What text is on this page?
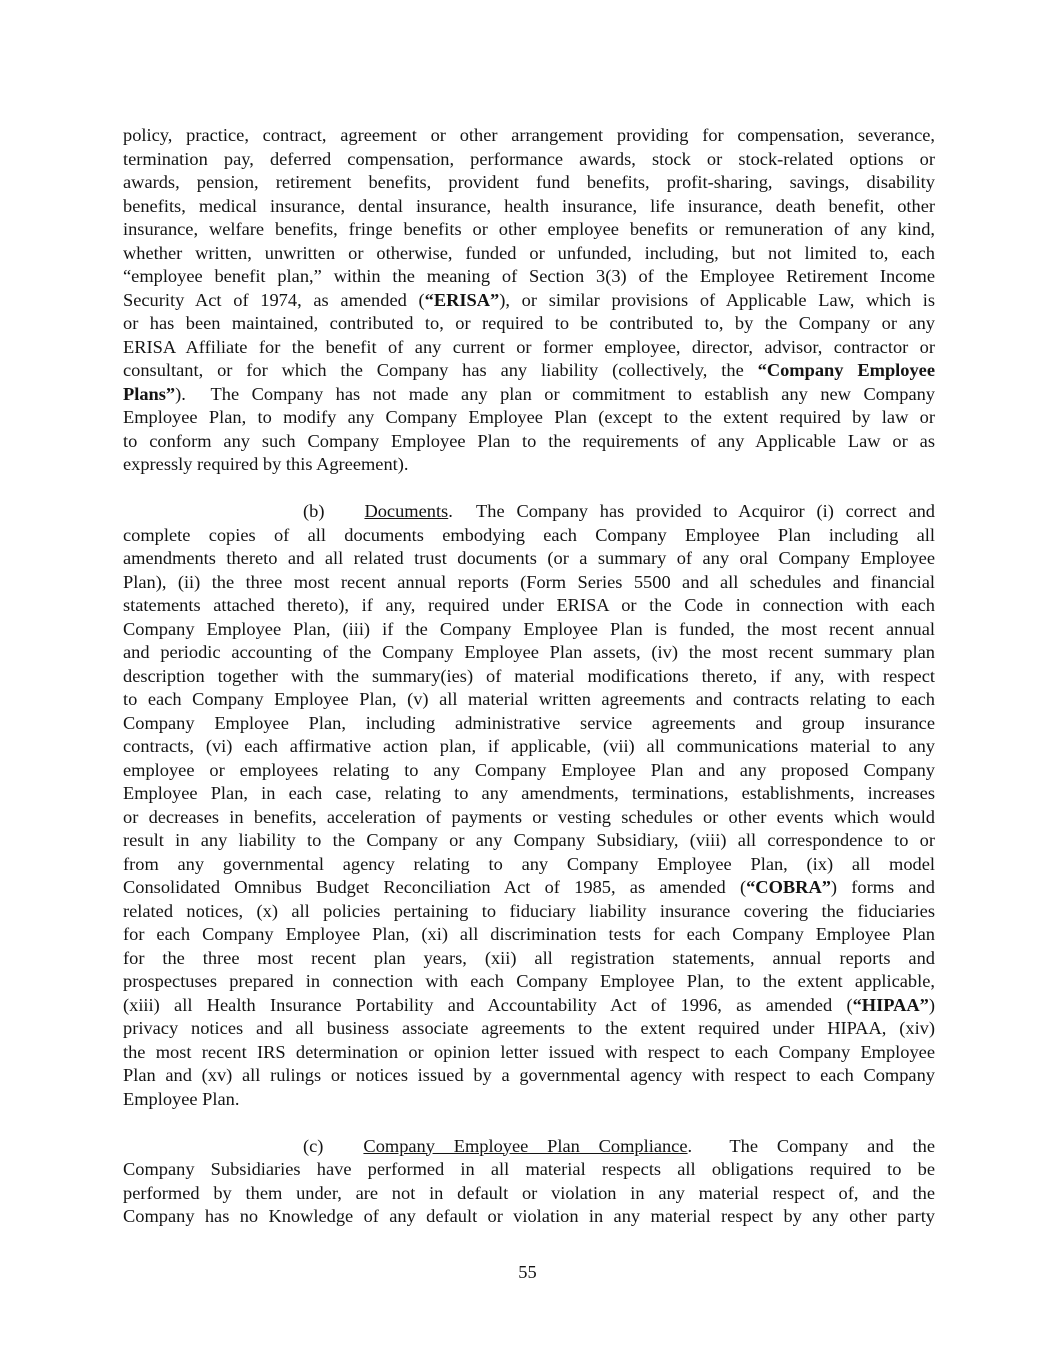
policy, practice, contract, agreement or other arrangement providing for compensation, severance,
termination pay, deferred compensation, performance awards, stock or stock-related options or
awards, pension, retirement benefits, provident fund benefits, profit-sharing, savings, disability
benefits, medical insurance, dental insurance, health insurance, life insurance, death benefit, other
insurance, welfare benefits, fringe benefits or other employee benefits or remuneration of any kind,
whether written, unwritten or otherwise, funded or unfunded, including, but not limited to, each
“employee benefit plan,” within the meaning of Section 3(3) of the Employee Retirement Income
Security Act of 1974, as amended (“ERISA”), or similar provisions of Applicable Law, which is
or has been maintained, contributed to, or required to be contributed to, by the Company or any
ERISA Affiliate for the benefit of any current or former employee, director, advisor, contractor or
consultant, or for which the Company has any liability (collectively, the “Company Employee
Plans”).  The Company has not made any plan or commitment to establish any new Company
Employee Plan, to modify any Company Employee Plan (except to the extent required by law or
to conform any such Company Employee Plan to the requirements of any Applicable Law or as
expressly required by this Agreement).
(b) Documents.  The Company has provided to Acquiror (i) correct and
complete copies of all documents embodying each Company Employee Plan including all
amendments thereto and all related trust documents (or a summary of any oral Company Employee
Plan), (ii) the three most recent annual reports (Form Series 5500 and all schedules and financial
statements attached thereto), if any, required under ERISA or the Code in connection with each
Company Employee Plan, (iii) if the Company Employee Plan is funded, the most recent annual
and periodic accounting of the Company Employee Plan assets, (iv) the most recent summary plan
description together with the summary(ies) of material modifications thereto, if any, with respect
to each Company Employee Plan, (v) all material written agreements and contracts relating to each
Company Employee Plan, including administrative service agreements and group insurance
contracts, (vi) each affirmative action plan, if applicable, (vii) all communications material to any
employee or employees relating to any Company Employee Plan and any proposed Company
Employee Plan, in each case, relating to any amendments, terminations, establishments, increases
or decreases in benefits, acceleration of payments or vesting schedules or other events which would
result in any liability to the Company or any Company Subsidiary, (viii) all correspondence to or
from any governmental agency relating to any Company Employee Plan, (ix) all model
Consolidated Omnibus Budget Reconciliation Act of 1985, as amended (“COBRA”) forms and
related notices, (x) all policies pertaining to fiduciary liability insurance covering the fiduciaries
for each Company Employee Plan, (xi) all discrimination tests for each Company Employee Plan
for the three most recent plan years, (xii) all registration statements, annual reports and
prospectuses prepared in connection with each Company Employee Plan, to the extent applicable,
(xiii) all Health Insurance Portability and Accountability Act of 1996, as amended (“HIPAA”)
privacy notices and all business associate agreements to the extent required under HIPAA, (xiv)
the most recent IRS determination or opinion letter issued with respect to each Company Employee
Plan and (xv) all rulings or notices issued by a governmental agency with respect to each Company
Employee Plan.
(c) Company Employee Plan Compliance.  The Company and the
Company Subsidiaries have performed in all material respects all obligations required to be
performed by them under, are not in default or violation in any material respect of, and the
Company has no Knowledge of any default or violation in any material respect by any other party
55
